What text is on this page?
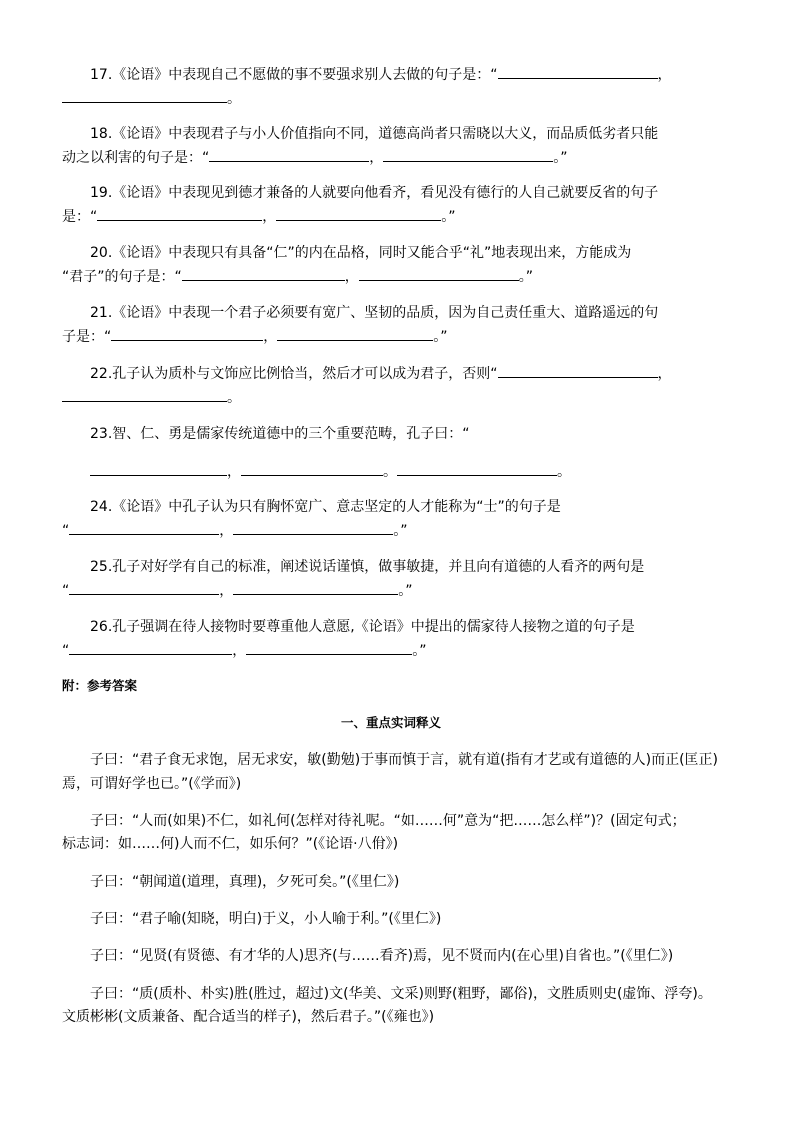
17.《论语》中表现自己不愿做的事不要强求别人去做的句子是：“	，
。
18.《论语》中表现君子与小人价值指向不同，道德高尚者只需晓以大义，而品质低劣者只能
动之以利害的句子是：“	，	。”
19.《论语》中表现见到德才兼备的人就要向他看齐，看见没有德行的人自己就要反省的句子
是：“	，	。”
20.《论语》中表现只有具备“仁”的内在品格，同时又能合乎“礼”地表现出来，方能成为
“君子”的句子是：“	，	。”
21.《论语》中表现一个君子必须要有宽广、坚韧的品质，因为自己责任重大、道路遥远的句
子是：“	，	。”
22.孔子认为质朴与文饰应比例恰当，然后才可以成为君子，否则“	，
。
23.智、仁、勇是儒家传统道德中的三个重要范畴，孔子曰：“
，	。	。
24.《论语》中孔子认为只有胸怀宽广、意志坚定的人才能称为“士”的句子是
“	，	。”
25.孔子对好学有自己的标准，阐述说话谨慎，做事敏捷，并且向有道德的人看齐的两句是
“	，	。”
26.孔子强调在待人接物时要尊重他人意愿,《论语》中提出的儒家待人接物之道的句子是
“	，	。”
附：参考答案
一、重点实词释义
子曰：“君子食无求饱，居无求安，敏(勤勉)于事而慎于言，就有道(指有才艺或有道德的人)而正(匡正)
焉，可谓好学也已。”(《学而》)
子曰：“人而(如果)不仁，如礼何(怎样对待礼呢。“如……何”意为“把……怎么样”)？(固定句式；
标志词：如……何)人而不仁，如乐何？”(《论语·八佾》)
子曰：“朝闻道(道理，真理)，夕死可矣。”(《里仁》)
子曰：“君子喻(知晓，明白)于义，小人喻于利。”(《里仁》)
子曰：“见贤(有贤德、有才华的人)思齐(与……看齐)焉，见不贤而内(在心里)自省也。”(《里仁》)
子曰：“质(质朴、朴实)胜(胜过，超过)文(华美、文采)则野(粗野，鄙俗)，文胜质则史(虚饰、浮夸)。
文质彬彬(文质兼备、配合适当的样子)，然后君子。”(《雍也》)
